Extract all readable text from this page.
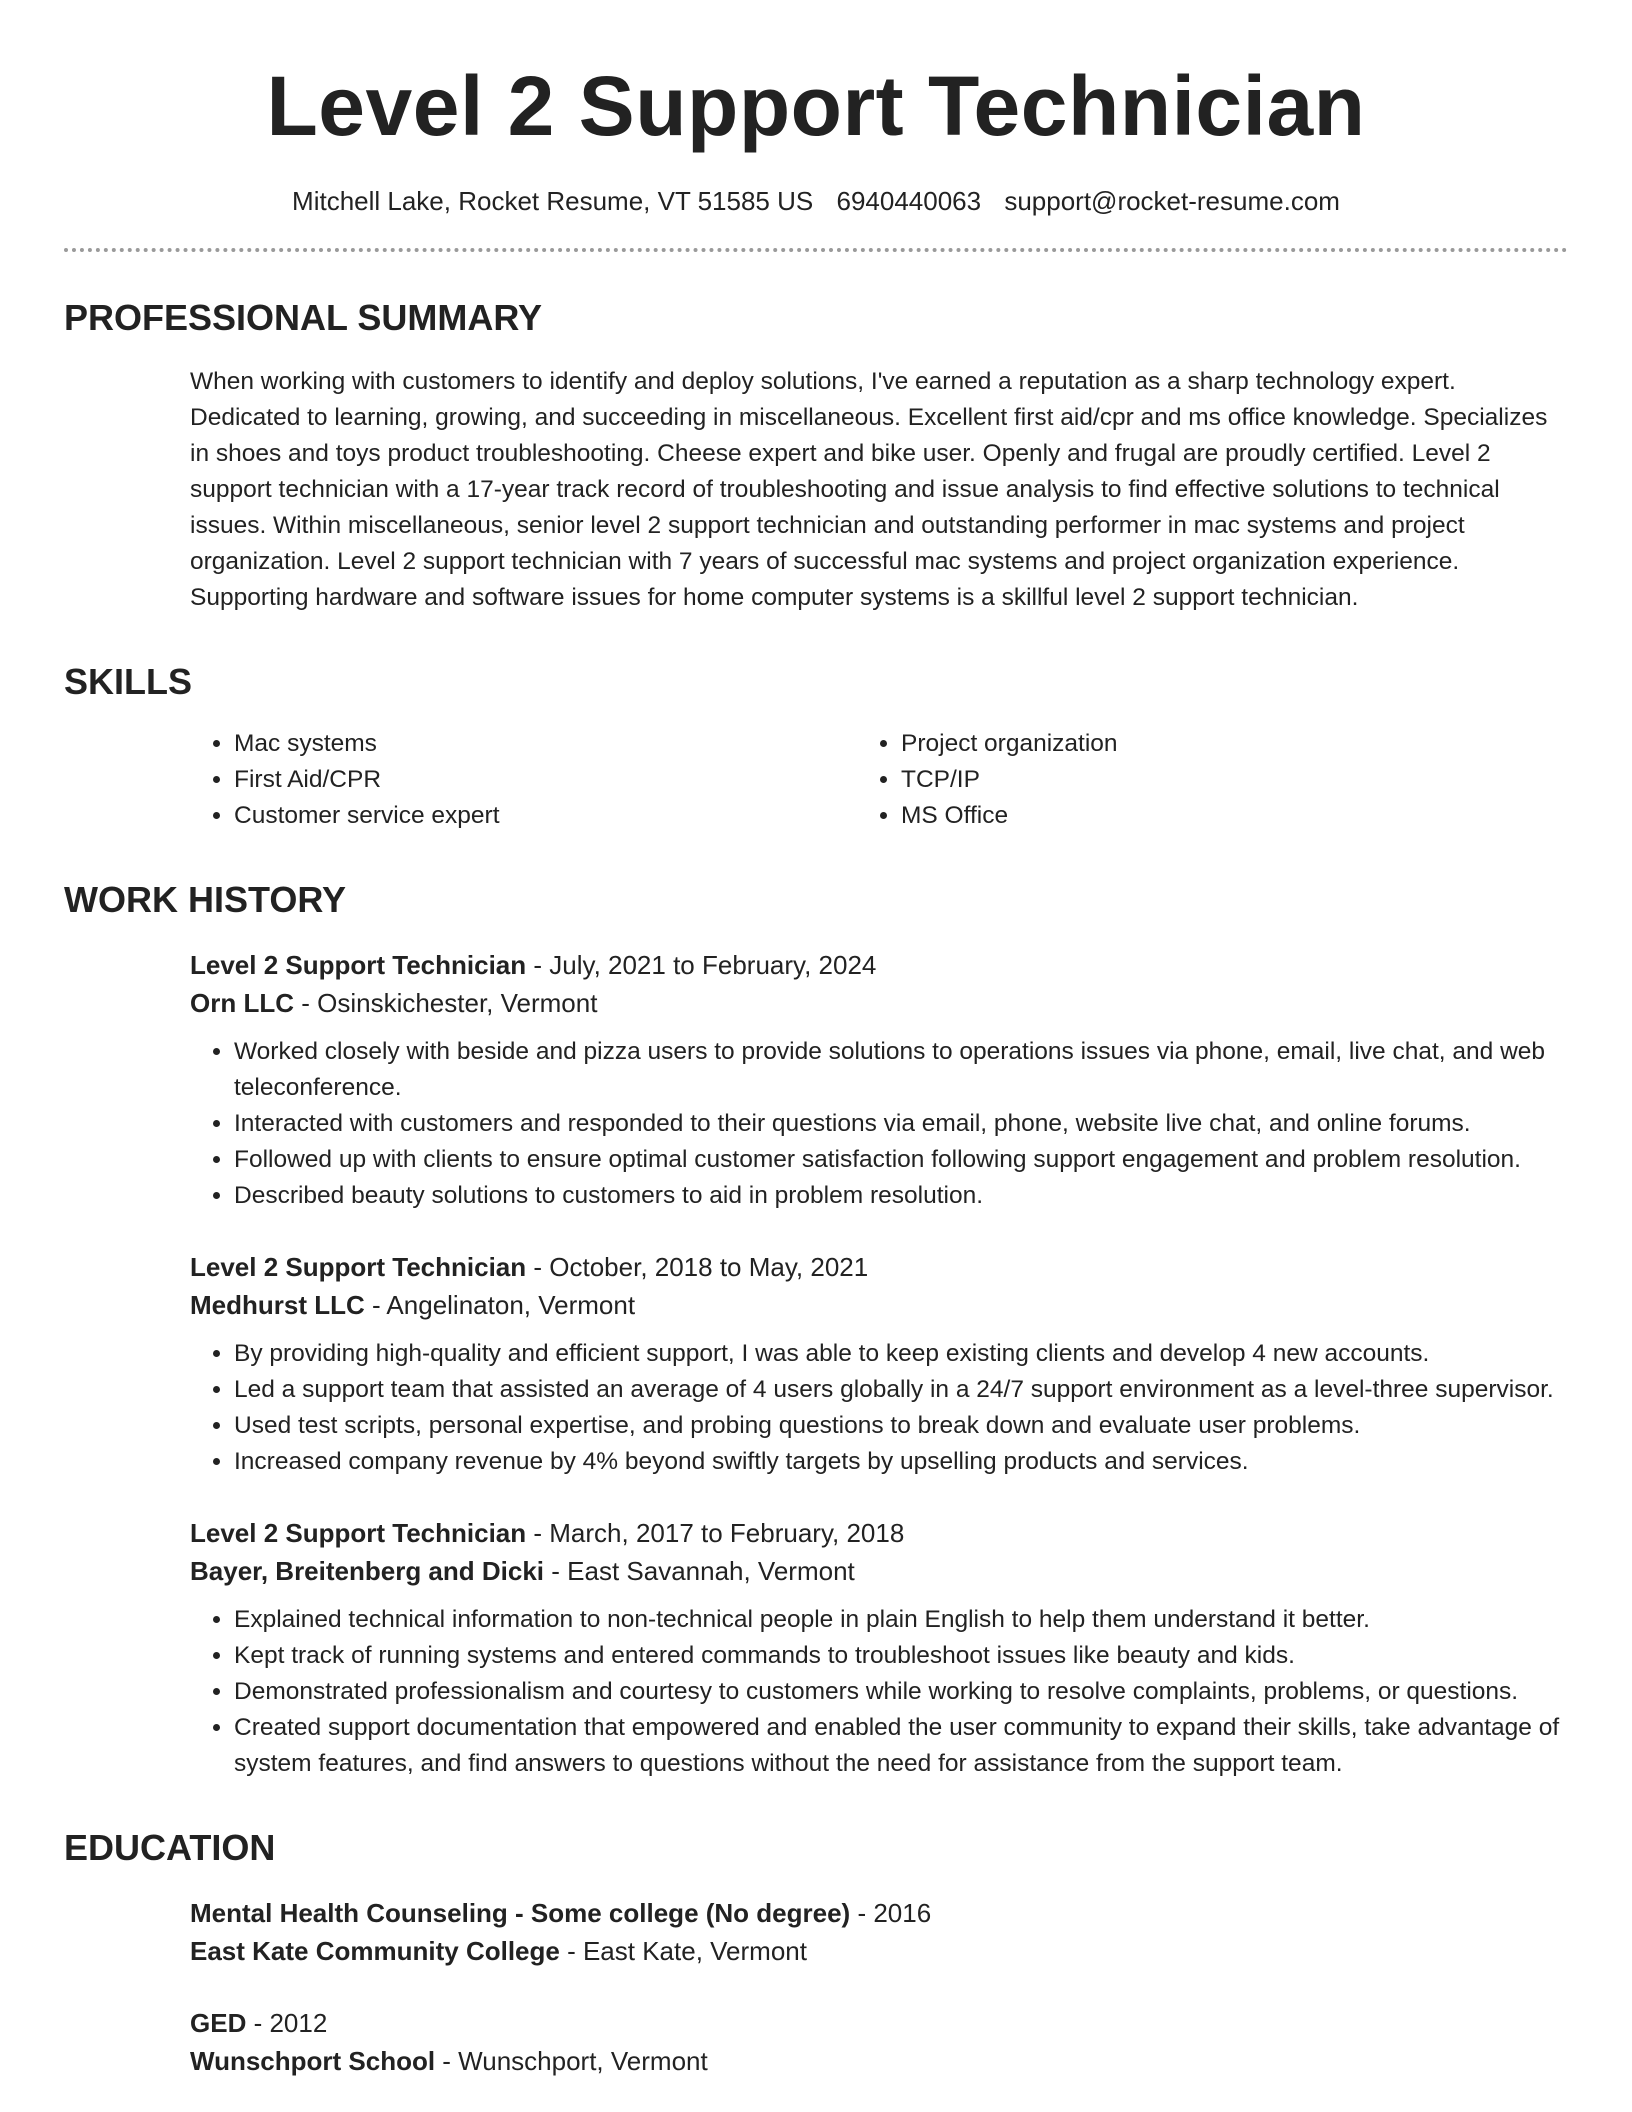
Level 2 Support Technician
Mitchell Lake, Rocket Resume, VT 51585 US 6940440063 support@rocket-resume.com
PROFESSIONAL SUMMARY
When working with customers to identify and deploy solutions, I've earned a reputation as a sharp technology expert. Dedicated to learning, growing, and succeeding in miscellaneous. Excellent first aid/cpr and ms office knowledge. Specializes in shoes and toys product troubleshooting. Cheese expert and bike user. Openly and frugal are proudly certified. Level 2 support technician with a 17-year track record of troubleshooting and issue analysis to find effective solutions to technical issues. Within miscellaneous, senior level 2 support technician and outstanding performer in mac systems and project organization. Level 2 support technician with 7 years of successful mac systems and project organization experience. Supporting hardware and software issues for home computer systems is a skillful level 2 support technician.
SKILLS
• Mac systems
• First Aid/CPR
• Customer service expert
• Project organization
• TCP/IP
• MS Office
WORK HISTORY
Level 2 Support Technician - July, 2021 to February, 2024
Orn LLC - Osinskichester, Vermont
• Worked closely with beside and pizza users to provide solutions to operations issues via phone, email, live chat, and web teleconference.
• Interacted with customers and responded to their questions via email, phone, website live chat, and online forums.
• Followed up with clients to ensure optimal customer satisfaction following support engagement and problem resolution.
• Described beauty solutions to customers to aid in problem resolution.
Level 2 Support Technician - October, 2018 to May, 2021
Medhurst LLC - Angelinaton, Vermont
• By providing high-quality and efficient support, I was able to keep existing clients and develop 4 new accounts.
• Led a support team that assisted an average of 4 users globally in a 24/7 support environment as a level-three supervisor.
• Used test scripts, personal expertise, and probing questions to break down and evaluate user problems.
• Increased company revenue by 4% beyond swiftly targets by upselling products and services.
Level 2 Support Technician - March, 2017 to February, 2018
Bayer, Breitenberg and Dicki - East Savannah, Vermont
• Explained technical information to non-technical people in plain English to help them understand it better.
• Kept track of running systems and entered commands to troubleshoot issues like beauty and kids.
• Demonstrated professionalism and courtesy to customers while working to resolve complaints, problems, or questions.
• Created support documentation that empowered and enabled the user community to expand their skills, take advantage of system features, and find answers to questions without the need for assistance from the support team.
EDUCATION
Mental Health Counseling - Some college (No degree) - 2016
East Kate Community College - East Kate, Vermont
GED - 2012
Wunschport School - Wunschport, Vermont
